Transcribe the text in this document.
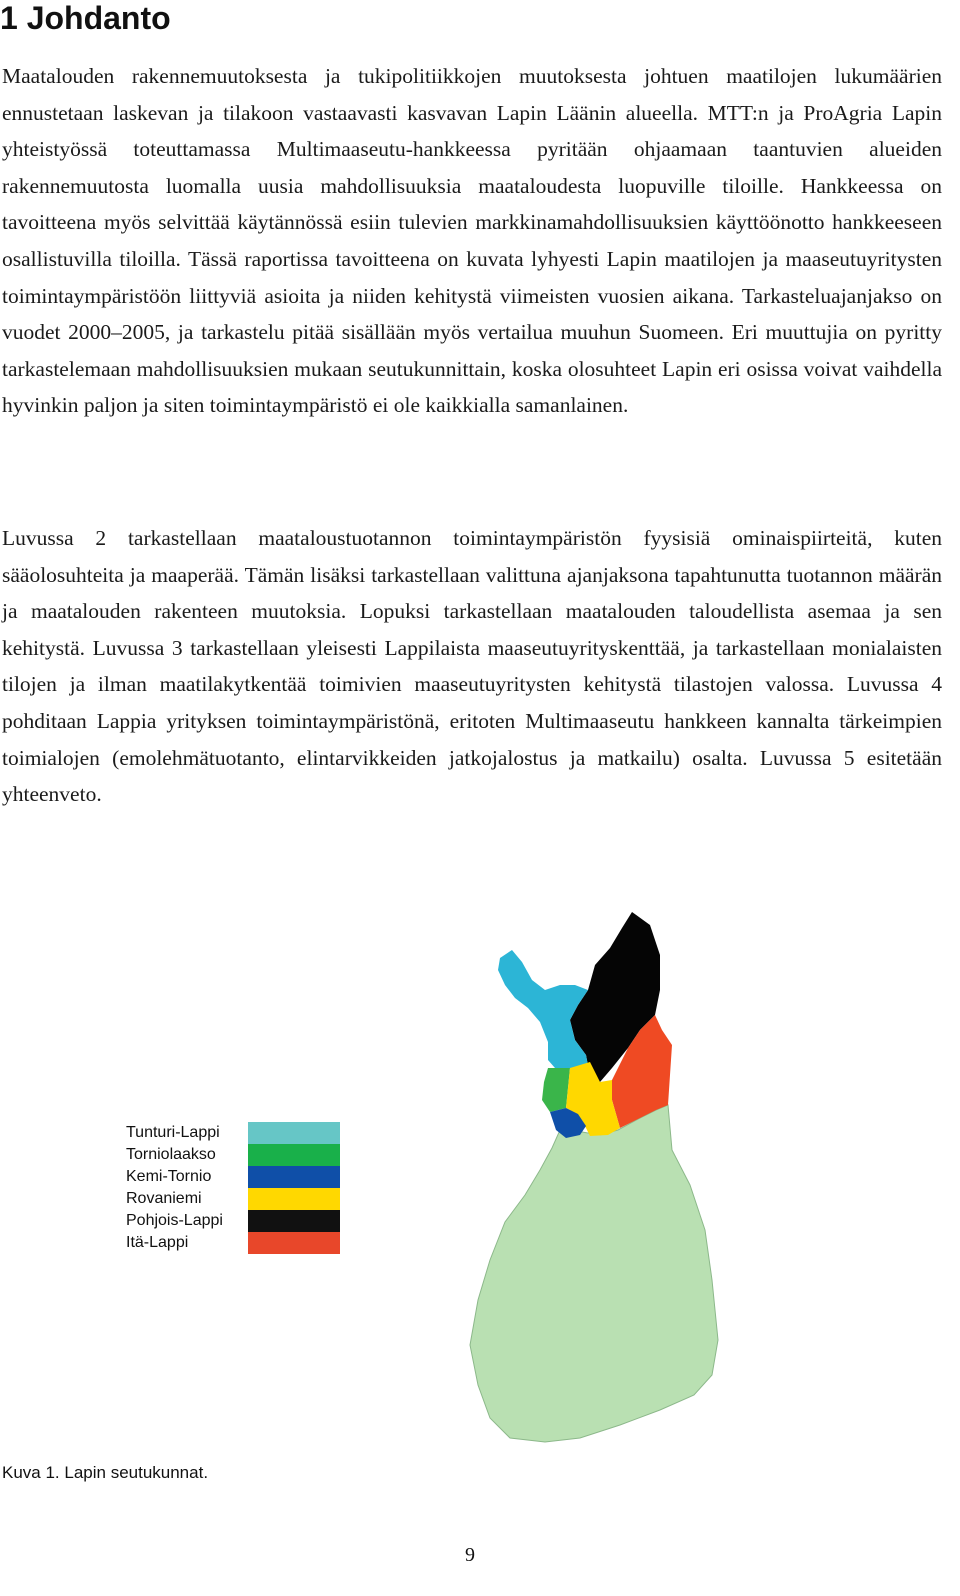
1 Johdanto

Maatalouden rakennemuutoksesta ja tukipolitiikkojen muutoksesta johtuen maatilojen lukumäärien ennustetaan laskevan ja tilakoon vastaavasti kasvavan Lapin Läänin alueella. MTT:n ja ProAgria Lapin yhteistyössä toteuttamassa Multimaaseutu-hankkeessa pyritään ohjaamaan taantuvien alueiden rakennemuutosta luomalla uusia mahdollisuuksia maataloudesta luopuville tiloille. Hankkeessa on tavoitteena myös selvittää käytännössä esiin tulevien markkinamahdollisuuksien käyttöönotto hankkeeseen osallistuvilla tiloilla. Tässä raportissa tavoitteena on kuvata lyhyesti Lapin maatilojen ja maaseutuyritysten toimintaympäristöön liittyviä asioita ja niiden kehitystä viimeisten vuosien aikana. Tarkasteluajanjakso on vuodet 2000–2005, ja tarkastelu pitää sisällään myös vertailua muuhun Suomeen. Eri muuttujia on pyritty tarkastelemaan mahdollisuuksien mukaan seutukunnittain, koska olosuhteet Lapin eri osissa voivat vaihdella hyvinkin paljon ja siten toimintaympäristö ei ole kaikkialla samanlainen.

Luvussa 2 tarkastellaan maataloustuotannon toimintaympäristön fyysisiä ominaispiirteitä, kuten sääolosuhteita ja maaperää. Tämän lisäksi tarkastellaan valittuna ajanjaksona tapahtunutta tuotannon määrän ja maatalouden rakenteen muutoksia. Lopuksi tarkastellaan maatalouden taloudellista asemaa ja sen kehitystä. Luvussa 3 tarkastellaan yleisesti Lappilaista maaseutuyrityskenttää, ja tarkastellaan monialaisten tilojen ja ilman maatilakytkentää toimivien maaseutuyritysten kehitystä tilastojen valossa. Luvussa 4 pohditaan Lappia yrityksen toimintaympäristönä, eritoten Multimaaseutu hankkeen kannalta tärkeimpien toimialojen (emolehmätuotanto, elintarvikkeiden jatkojalostus ja matkailu) osalta. Luvussa 5 esitetään yhteenveto.

Tunturi-Lappi
Torniolaakso
Kemi-Tornio
Rovaniemi
Pohjois-Lappi
Itä-Lappi

Kuva 1. Lapin seutukunnat.

9
